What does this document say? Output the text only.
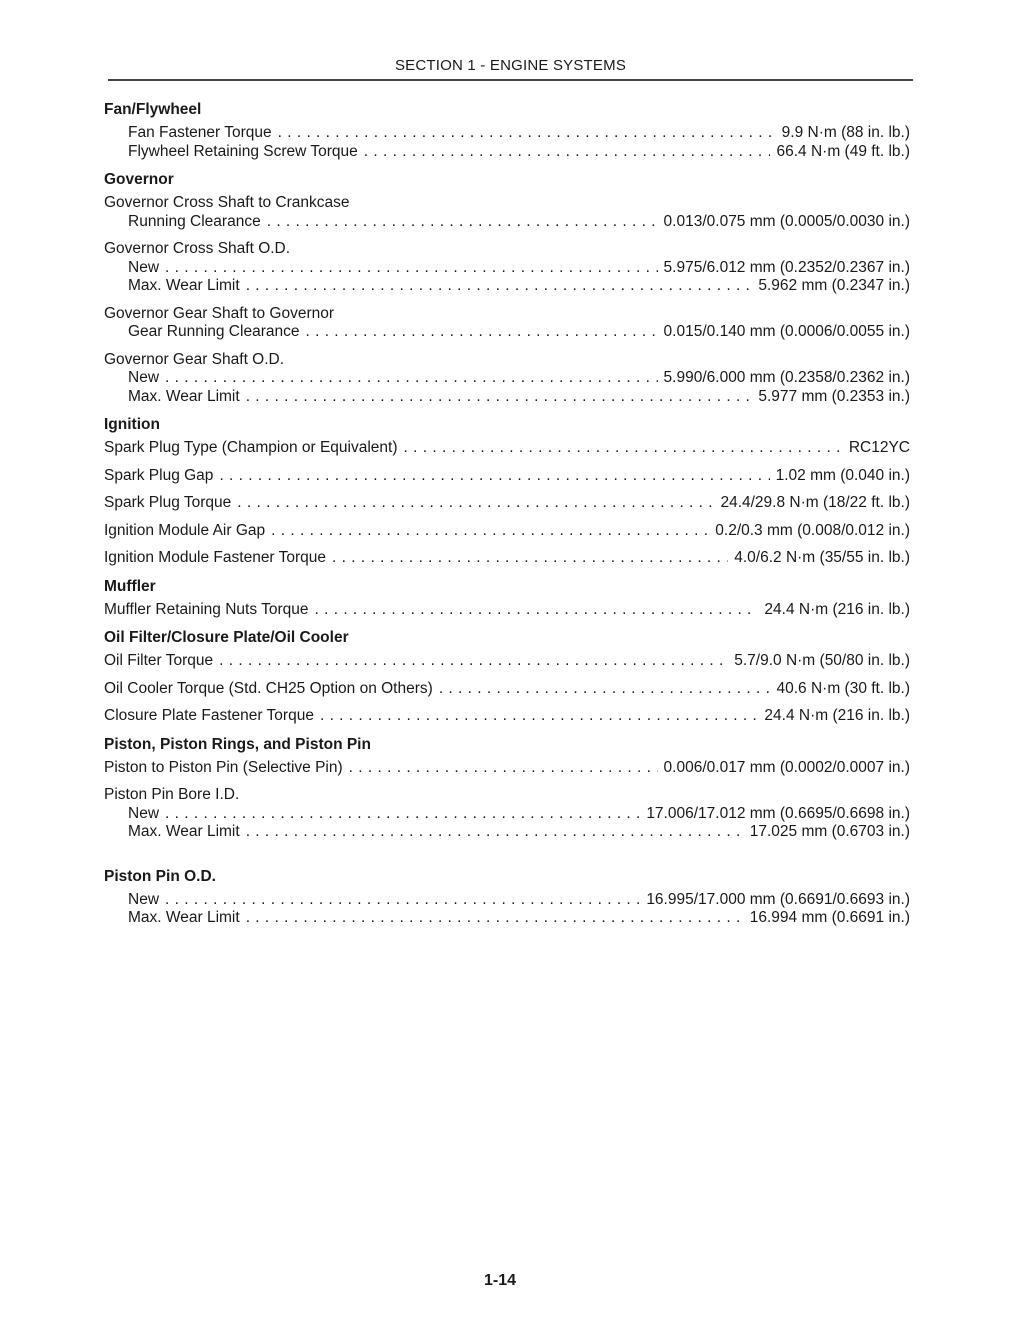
SECTION 1 - ENGINE SYSTEMS
Fan/Flywheel
Fan Fastener Torque . . .	9.9 N·m (88 in. lb.)
Flywheel Retaining Screw Torque . . .	66.4 N·m (49 ft. lb.)
Governor
Governor Cross Shaft to Crankcase
Running Clearance . . .	0.013/0.075 mm (0.0005/0.0030 in.)
Governor Cross Shaft O.D.
New . . .	5.975/6.012 mm (0.2352/0.2367 in.)
Max. Wear Limit . . .	5.962 mm (0.2347 in.)
Governor Gear Shaft to Governor
Gear Running Clearance . . .	0.015/0.140 mm (0.0006/0.0055 in.)
Governor Gear Shaft O.D.
New . . .	5.990/6.000 mm (0.2358/0.2362 in.)
Max. Wear Limit . . .	5.977 mm (0.2353 in.)
Ignition
Spark Plug Type (Champion or Equivalent) . . .	RC12YC
Spark Plug Gap . . .	1.02 mm (0.040 in.)
Spark Plug Torque . . .	24.4/29.8 N·m (18/22 ft. lb.)
Ignition Module Air Gap . . .	0.2/0.3 mm (0.008/0.012 in.)
Ignition Module Fastener Torque . . .	4.0/6.2 N·m (35/55 in. lb.)
Muffler
Muffler Retaining Nuts Torque . . .	24.4 N·m (216 in. lb.)
Oil Filter/Closure Plate/Oil Cooler
Oil Filter Torque . . .	5.7/9.0 N·m (50/80 in. lb.)
Oil Cooler Torque (Std. CH25 Option on Others) . . .	40.6 N·m (30 ft. lb.)
Closure Plate Fastener Torque . . .	24.4 N·m (216 in. lb.)
Piston, Piston Rings, and Piston Pin
Piston to Piston Pin (Selective Pin) . . .	0.006/0.017 mm (0.0002/0.0007 in.)
Piston Pin Bore I.D.
New . . .	17.006/17.012 mm (0.6695/0.6698 in.)
Max. Wear Limit . . .	17.025 mm (0.6703 in.)
Piston Pin O.D.
New . . .	16.995/17.000 mm (0.6691/0.6693 in.)
Max. Wear Limit . . .	16.994 mm (0.6691 in.)
1-14
